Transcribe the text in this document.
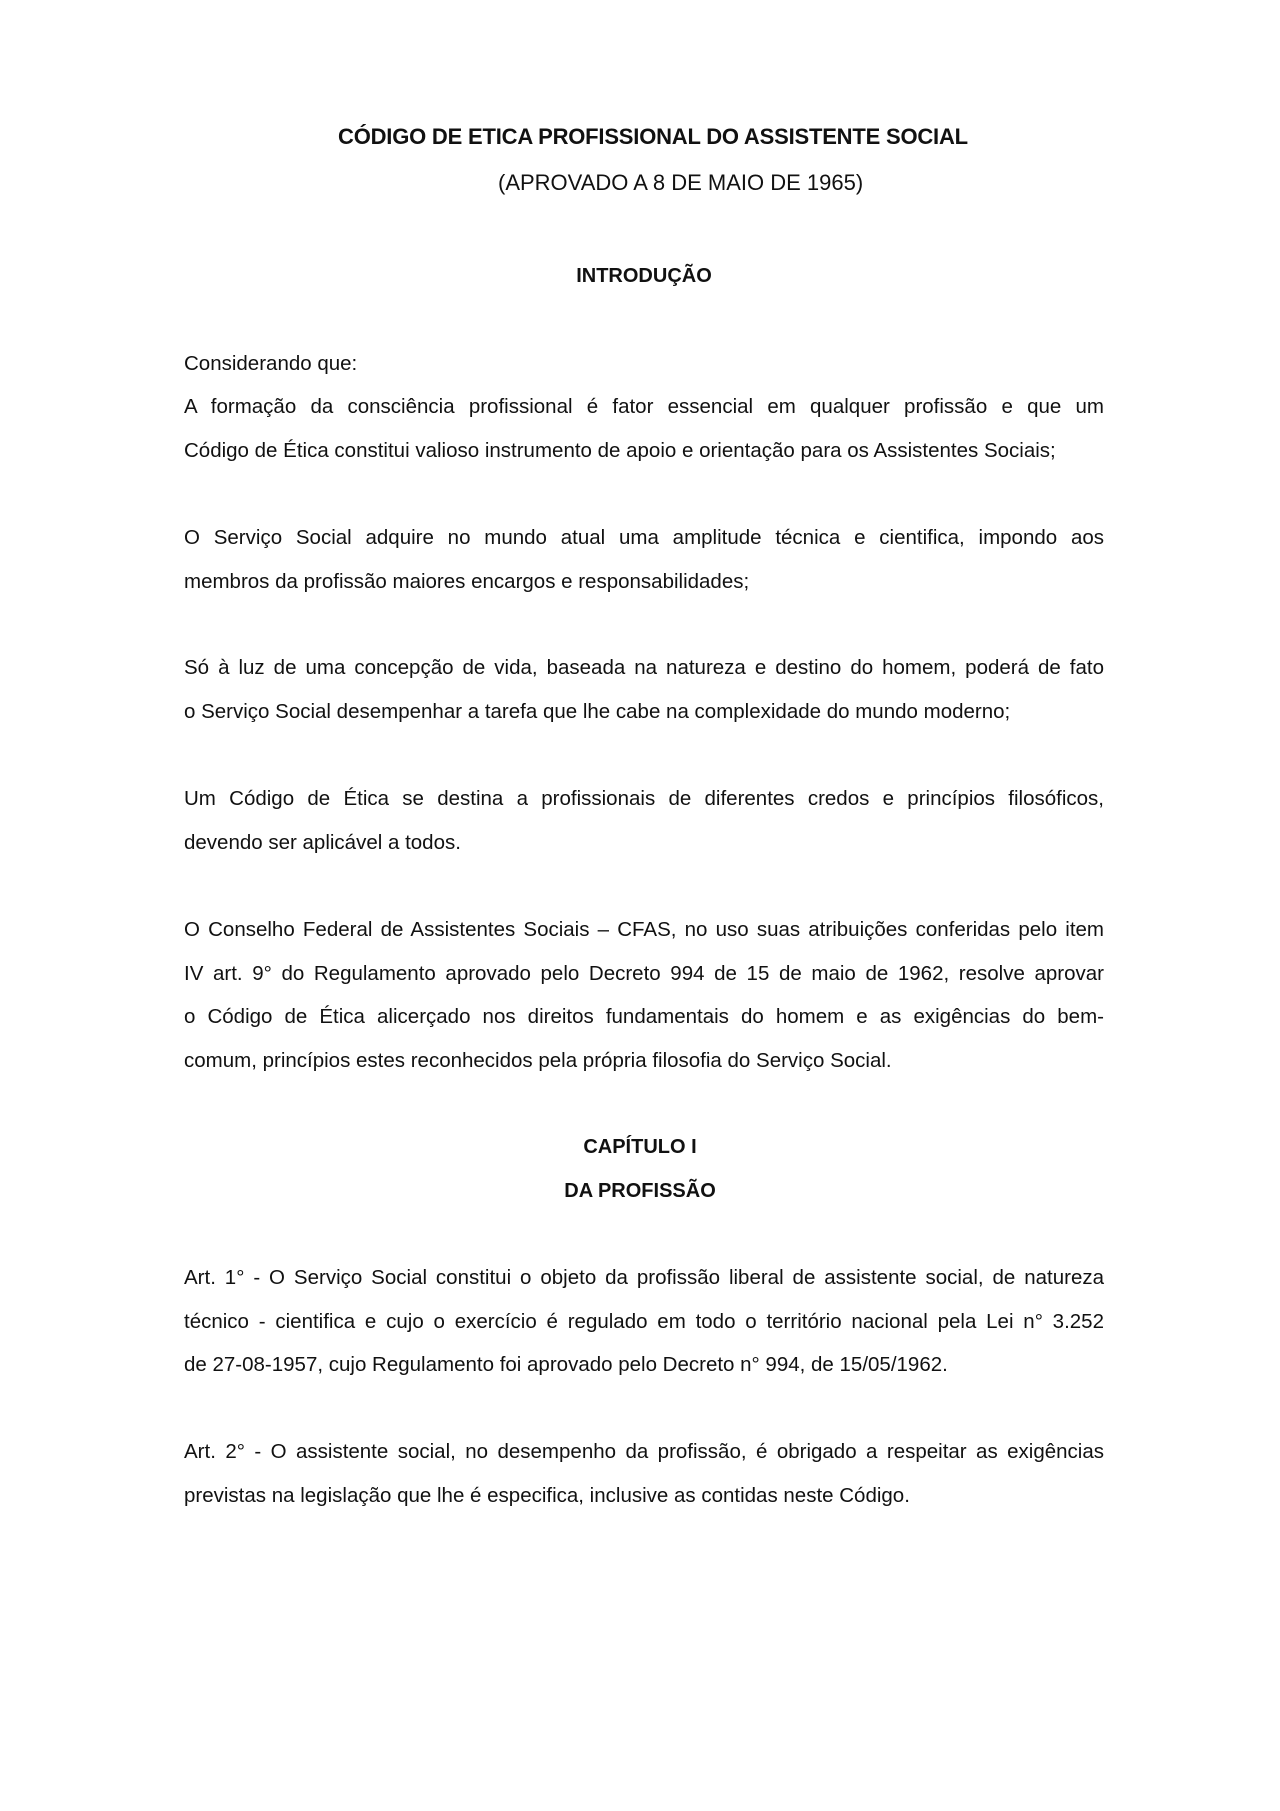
CÓDIGO DE ETICA PROFISSIONAL DO ASSISTENTE SOCIAL
(APROVADO A 8 DE MAIO DE 1965)
INTRODUÇÃO
Considerando que:
A formação da consciência profissional é fator essencial em qualquer profissão e que um
Código de Ética constitui valioso instrumento de apoio e orientação para os Assistentes Sociais;
O Serviço Social adquire no mundo atual uma amplitude técnica e cientifica, impondo aos
membros da profissão maiores encargos e responsabilidades;
Só à luz de uma concepção de vida, baseada na natureza e destino do homem, poderá de fato
o Serviço Social desempenhar a tarefa que lhe cabe na complexidade do mundo moderno;
Um Código de Ética se destina a profissionais de diferentes credos e princípios filosóficos,
devendo ser aplicável a todos.
O Conselho Federal de Assistentes Sociais – CFAS, no uso suas atribuições conferidas pelo item
IV art. 9° do Regulamento aprovado pelo Decreto 994 de 15 de maio de 1962, resolve aprovar
o Código de Ética alicerçado nos direitos fundamentais do homem e as exigências do bem-
comum, princípios estes reconhecidos pela própria filosofia do Serviço Social.
CAPÍTULO I
DA PROFISSÃO
Art. 1° - O Serviço Social constitui o objeto da profissão liberal de assistente social, de natureza
técnico - cientifica e cujo o exercício é regulado em todo o território nacional pela Lei n° 3.252
de 27-08-1957, cujo Regulamento foi aprovado pelo Decreto n° 994, de 15/05/1962.
Art. 2° - O assistente social, no desempenho da profissão, é obrigado a respeitar as exigências
previstas na legislação que lhe é especifica, inclusive as contidas neste Código.
